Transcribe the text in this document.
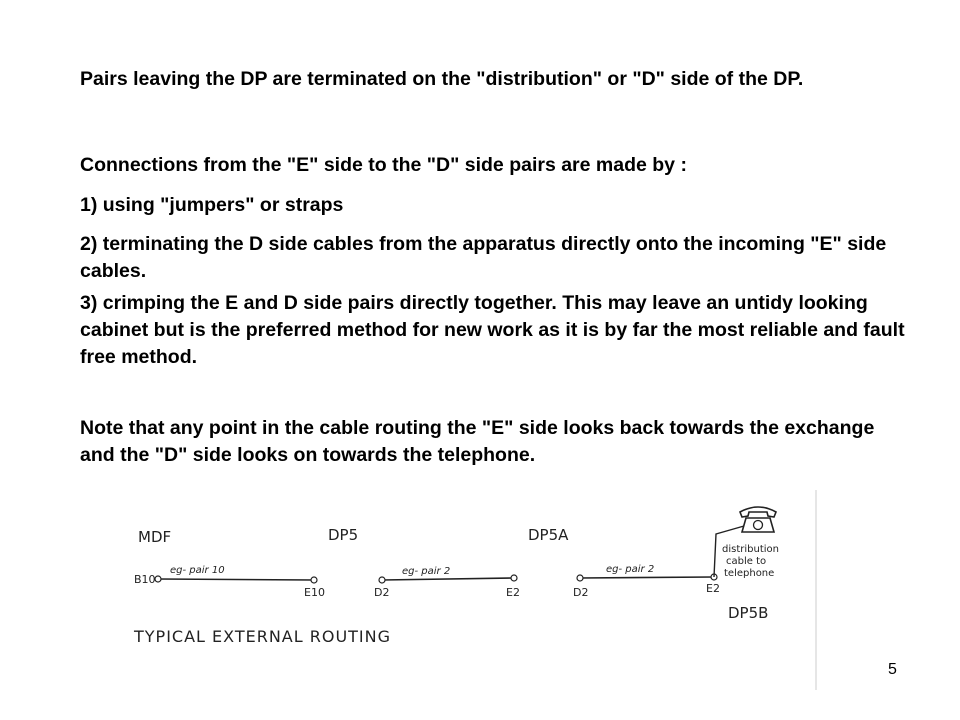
Pairs leaving the DP are terminated on the "distribution" or "D" side of the DP.

Connections from the "E" side to the "D" side pairs are made by :

1) using "jumpers" or straps

2) terminating the D side cables from the apparatus directly onto the incoming "E" side cables.

3) crimping the E and D side pairs directly together. This may leave an untidy looking cabinet but is the preferred method for new work as it is by far the most reliable and fault free method.

Note that any point in the cable routing the "E" side looks back towards the exchange and the "D" side looks on towards the telephone.

MDF	DP5	DP5A
DP5B
B10
E10	D2	E2	D2	E2
eg- pair 10	eg- pair 2	eg- pair 2
distribution
cable to
telephone
TYPICAL EXTERNAL ROUTING
5
